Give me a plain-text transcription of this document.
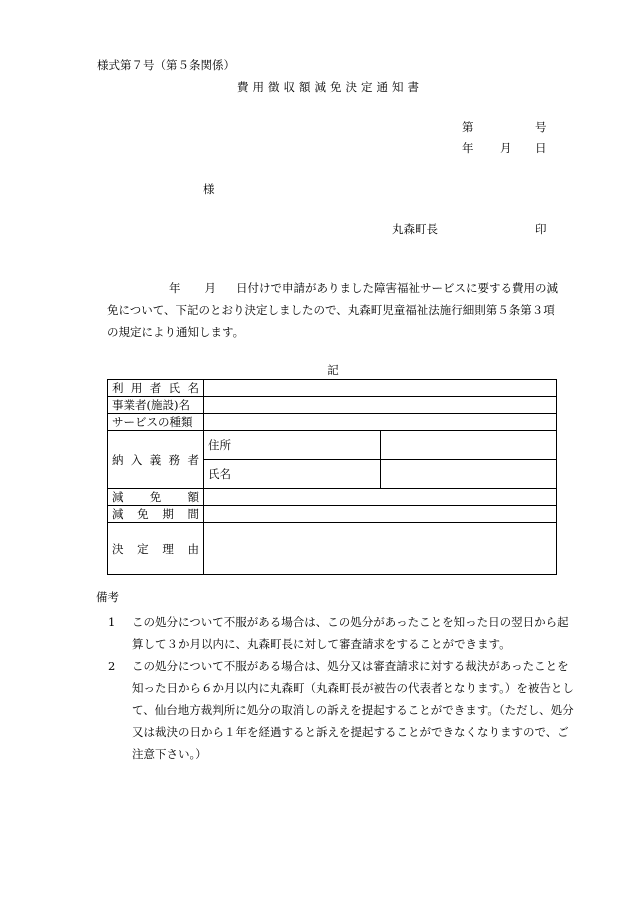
様式第７号（第５条関係）
費用徴収額減免決定通知書
第	号
年 月 日
様
丸森町長	印

年 月 日付けで申請がありました障害福祉サービスに要する費用の減

免について、下記のとおり決定しましたので、丸森町児童福祉法施行細則第５条第３項

の規定により通知します。

記
利用者氏名		
事業者(施設)名		
サービスの種類		
納入義務者	住所	
	氏名	
減免額		
減免期間		
決定理由		
備考
1	この処分について不服がある場合は、この処分があったことを知った日の翌日から起算して３か月以内に、丸森町長に対して審査請求をすることができます。
2	この処分について不服がある場合は、処分又は審査請求に対する裁決があったことを知った日から６か月以内に丸森町（丸森町長が被告の代表者となります。）を被告として、仙台地方裁判所に処分の取消しの訴えを提起することができます。（ただし、処分又は裁決の日から１年を経過すると訴えを提起することができなくなりますので、ご注意下さい。）
